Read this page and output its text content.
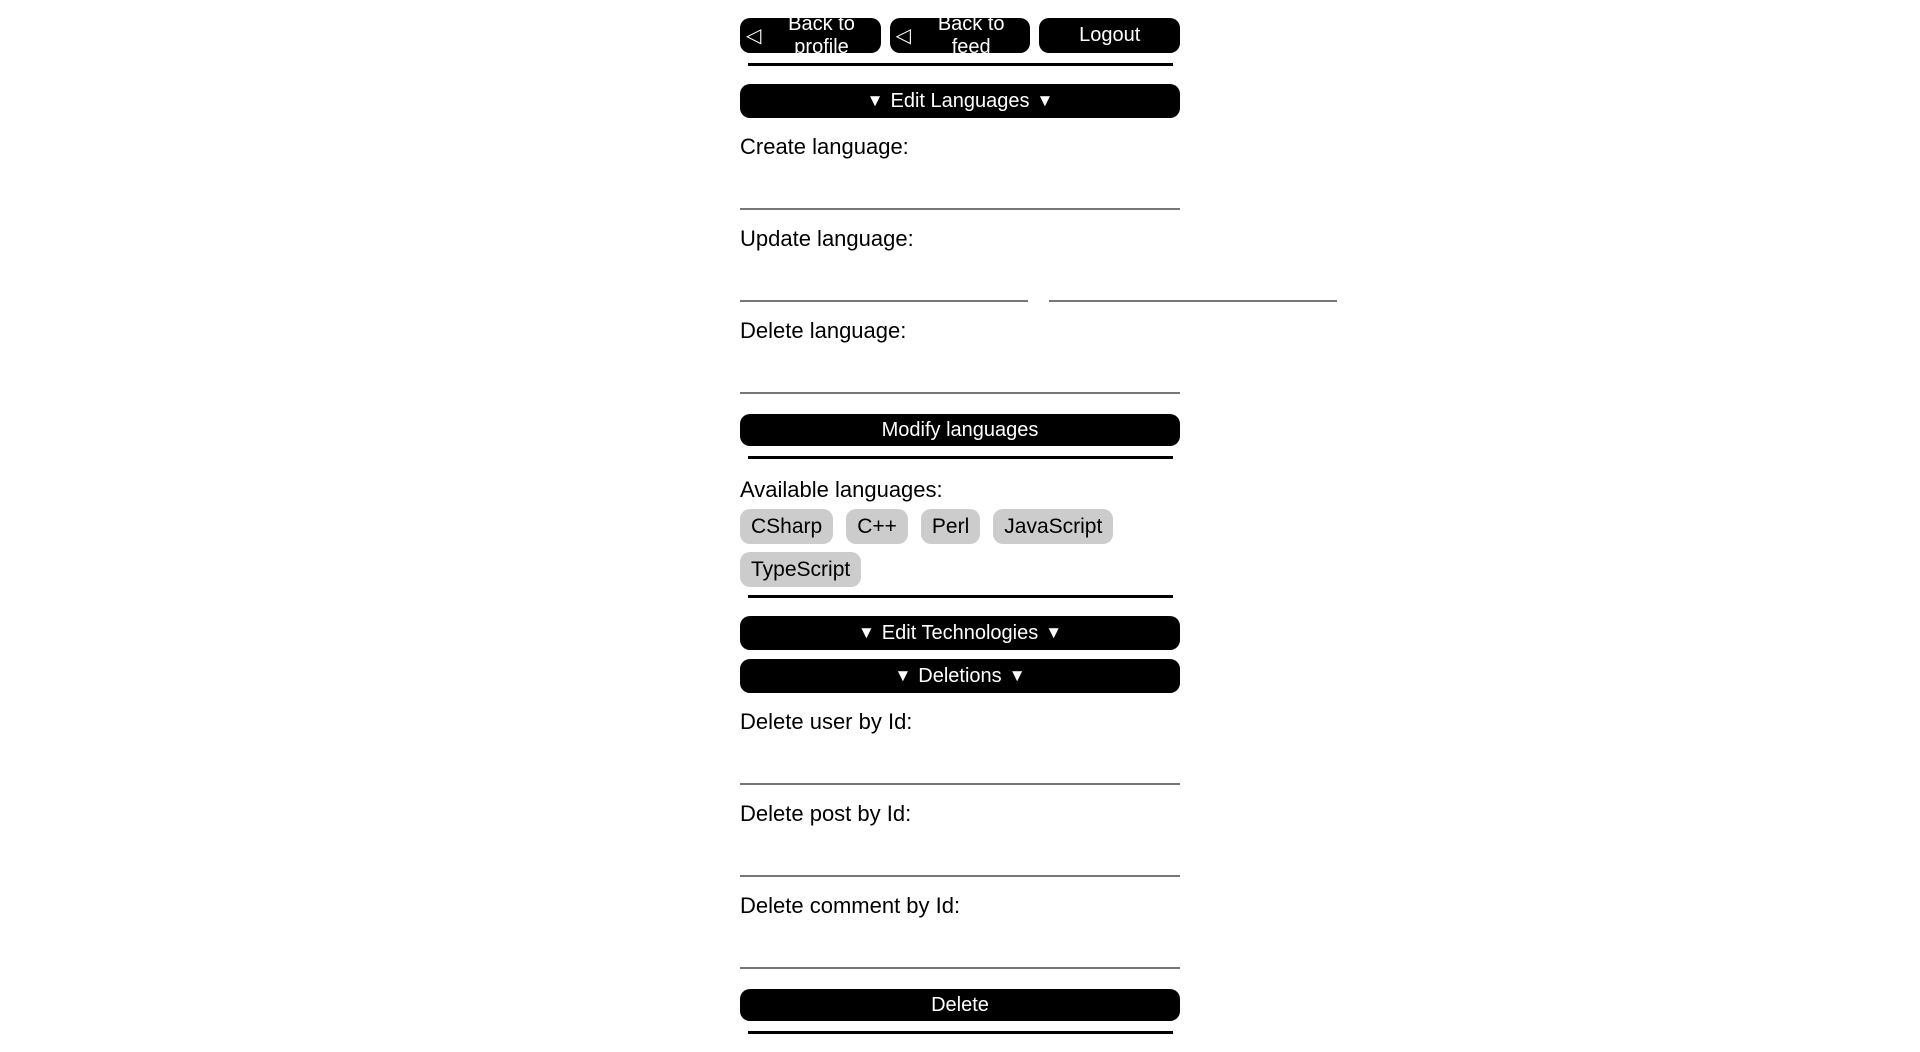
◁
Back to profile	◁
Back to feed
Logout
▼ Edit Languages ▼
Create language:
Update language:
Delete language:
Modify languages
Available languages:
CSharp	C++	Perl	JavaScript
TypeScript
▼ Edit Technologies ▼
▼ Deletions ▼
Delete user by Id:
Delete post by Id:
Delete comment by Id:
Delete
